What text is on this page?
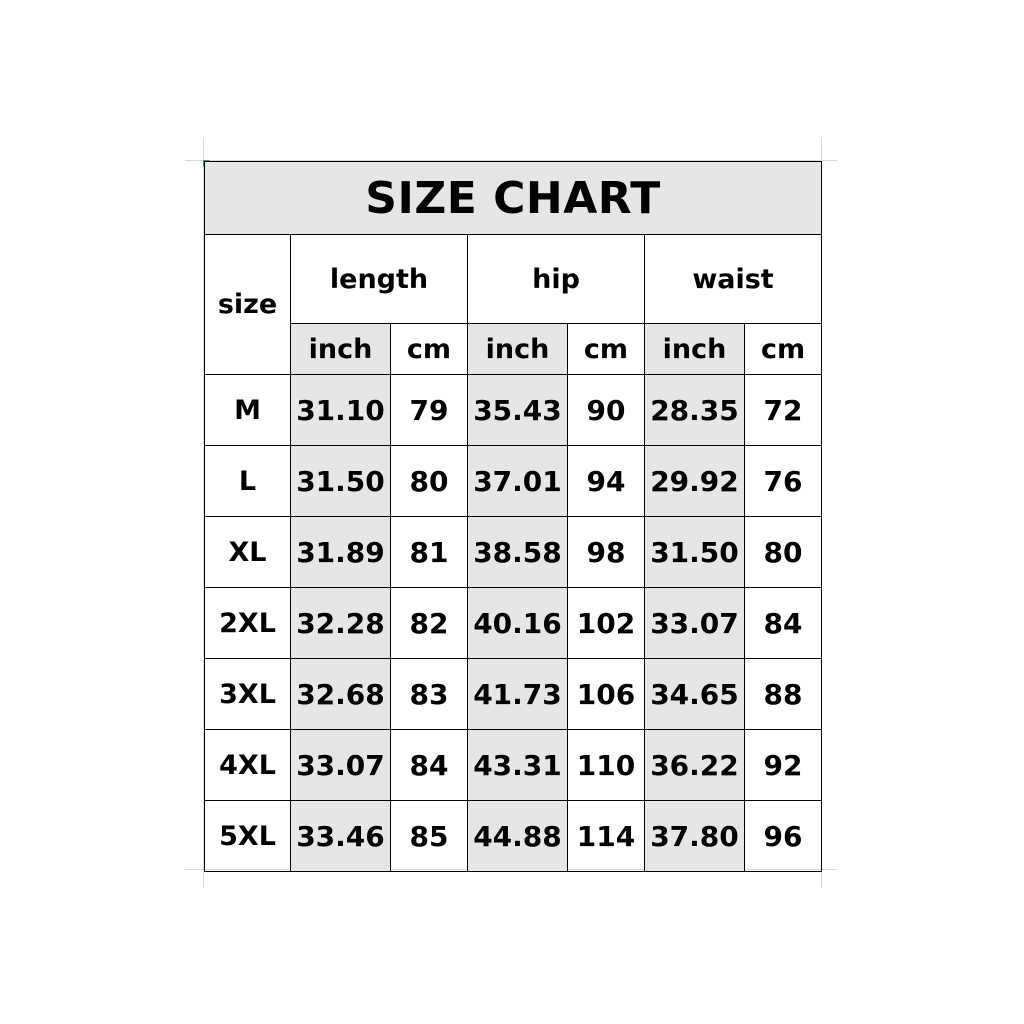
SIZE CHART						
size	length		hip		waist	
	inch	cm	inch	cm	inch	cm
M	31.10	79	35.43	90	28.35	72
L	31.50	80	37.01	94	29.92	76
XL	31.89	81	38.58	98	31.50	80
2XL	32.28	82	40.16	102	33.07	84
3XL	32.68	83	41.73	106	34.65	88
4XL	33.07	84	43.31	110	36.22	92
5XL	33.46	85	44.88	114	37.80	96
